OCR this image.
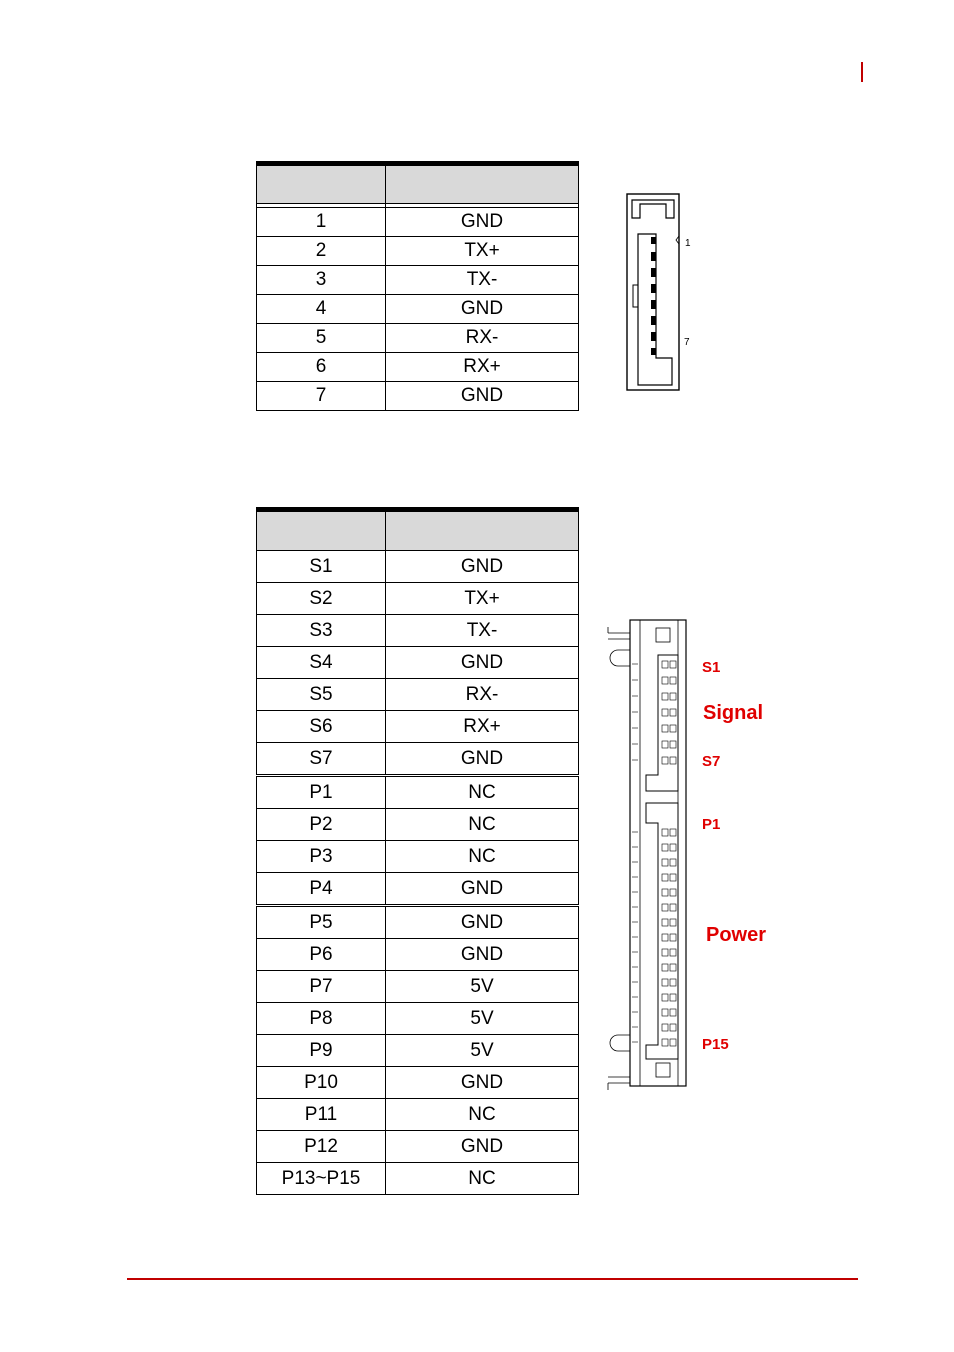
1	GND
2	TX+
3	TX-
4	GND
5	RX-
6	RX+
7	GND
1
7

S1	GND
S2	TX+
S3	TX-
S4	GND
S5	RX-
S6	RX+
S7	GND
P1	NC
P2	NC
P3	NC
P4	GND
P5	GND
P6	GND
P7	5V
P8	5V
P9	5V
P10	GND
P11	NC
P12	GND
P13~P15	NC
S1
Signal
S7
P1
Power
P15
